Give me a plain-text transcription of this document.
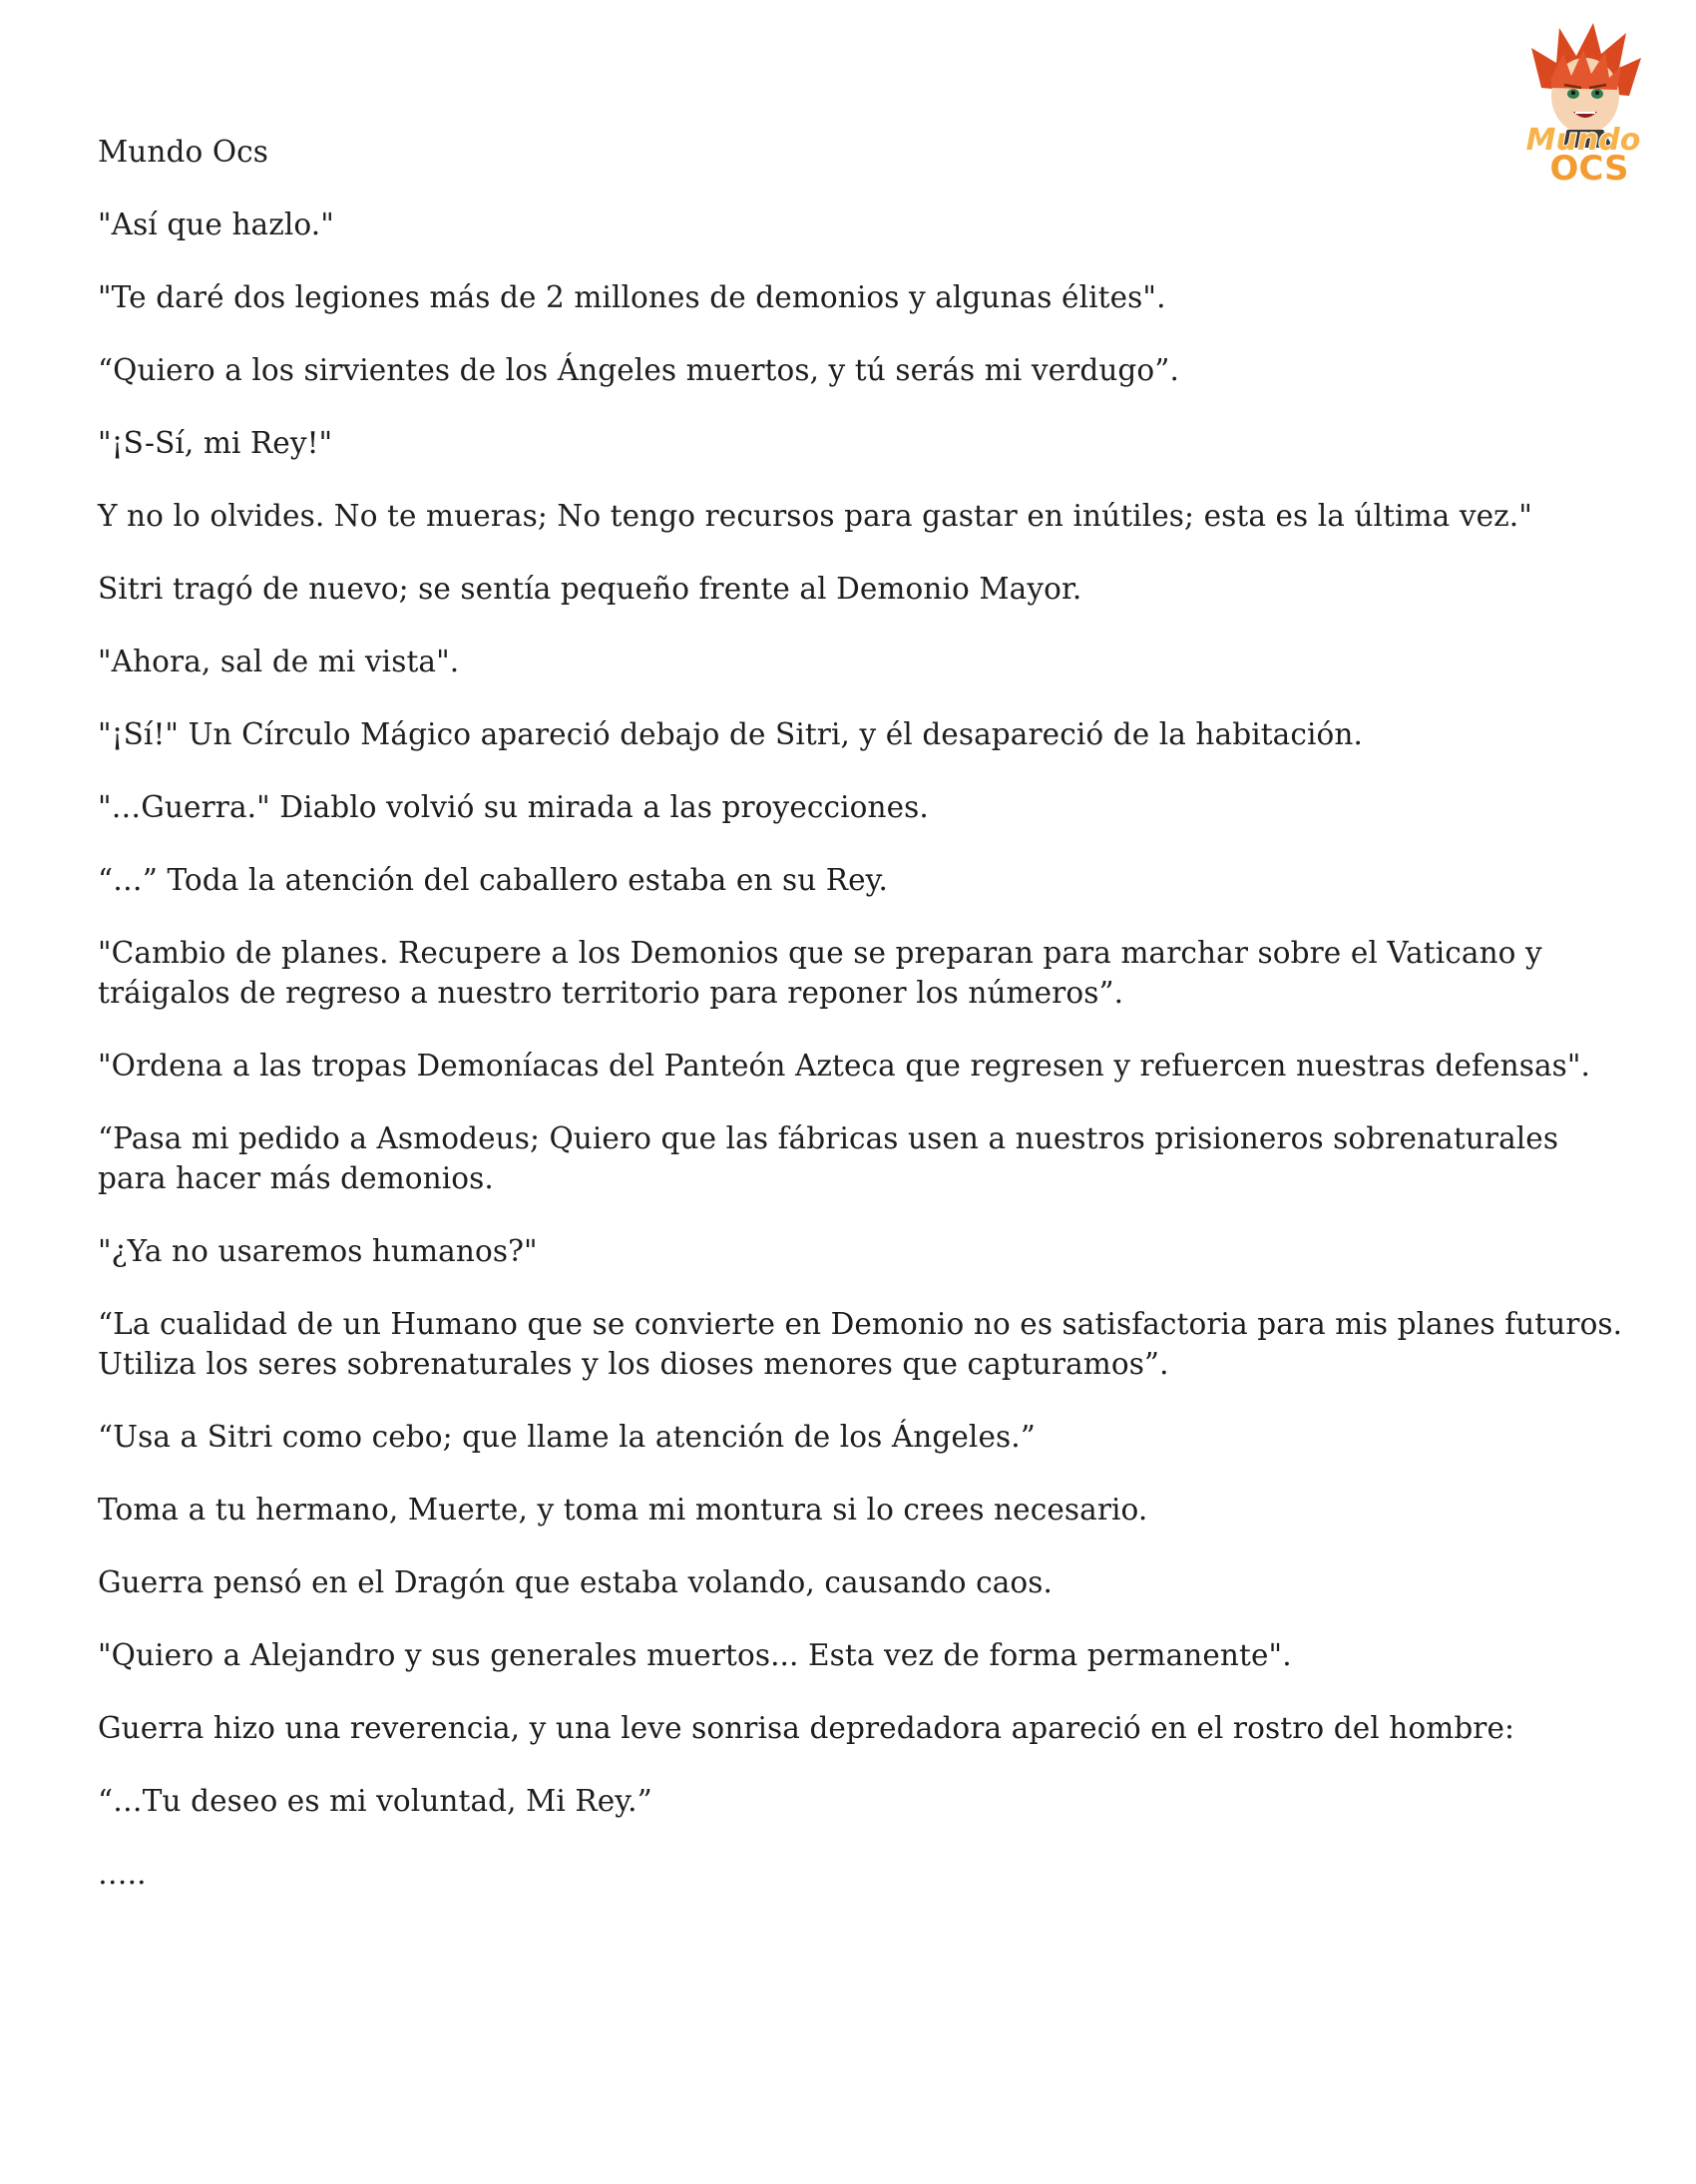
Mundo
OCS

Mundo Ocs

"Así que hazlo."

"Te daré dos legiones más de 2 millones de demonios y algunas élites".

“Quiero a los sirvientes de los Ángeles muertos, y tú serás mi verdugo”.

"¡S-Sí, mi Rey!"

Y no lo olvides. No te mueras; No tengo recursos para gastar en inútiles; esta es la última vez."

Sitri tragó de nuevo; se sentía pequeño frente al Demonio Mayor.

"Ahora, sal de mi vista".

"¡Sí!" Un Círculo Mágico apareció debajo de Sitri, y él desapareció de la habitación.

"…Guerra." Diablo volvió su mirada a las proyecciones.

“…” Toda la atención del caballero estaba en su Rey.

"Cambio de planes. Recupere a los Demonios que se preparan para marchar sobre el Vaticano y tráigalos de regreso a nuestro territorio para reponer los números”.

"Ordena a las tropas Demoníacas del Panteón Azteca que regresen y refuercen nuestras defensas".

“Pasa mi pedido a Asmodeus; Quiero que las fábricas usen a nuestros prisioneros sobrenaturales para hacer más demonios.

"¿Ya no usaremos humanos?"

“La cualidad de un Humano que se convierte en Demonio no es satisfactoria para mis planes futuros. Utiliza los seres sobrenaturales y los dioses menores que capturamos”.

“Usa a Sitri como cebo; que llame la atención de los Ángeles.”

Toma a tu hermano, Muerte, y toma mi montura si lo crees necesario.

Guerra pensó en el Dragón que estaba volando, causando caos.

"Quiero a Alejandro y sus generales muertos... Esta vez de forma permanente".

Guerra hizo una reverencia, y una leve sonrisa depredadora apareció en el rostro del hombre:

“…Tu deseo es mi voluntad, Mi Rey.”

…..
